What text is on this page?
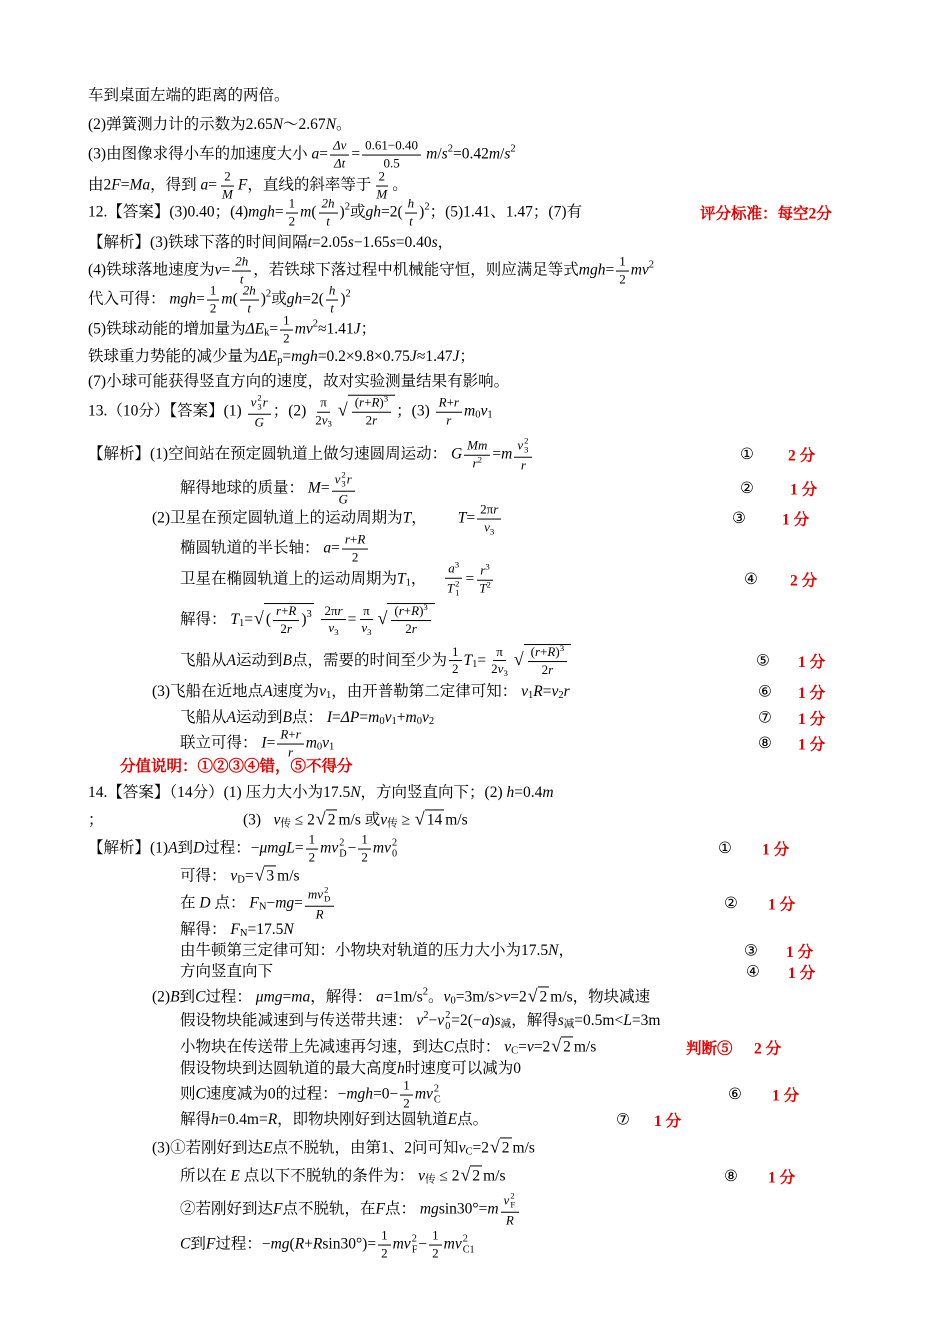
车到桌面左端的距离的两倍。
(2)弹簧测力计的示数为2.65 N ～2.67 N 。
(3)由图像求得小车的加速度大小 $a = \frac{\Delta v}{\Delta t} = \frac{0.61-0.40}{0.5}$ m / s 2 =0.42 m / s 2
由2 F = Ma ，得到 $a = \frac{2}{M}$ F ，直线的斜率等于 $\frac{2}{M}$ 。
12.【答案】(3)0.40；(4) mgh = $\frac{1}{2}$ m ( $\frac{2h}{t}$ ) 2 或 gh $=2( \frac{h}{t}$ ) 2 ；(5)1.41、1.47；(7)有	评分标准：每空2分
【解析】(3)铁球下落的时间间隔 t =2.05 s −1.65 s =0.40 s ，
(4)铁球落地速度为 $v = \frac{2h}{t}$ ，若铁球下落过程中机械能守恒，则应满足等式 mgh = $\frac{1}{2}$ mv 2
代入可得： mgh = $\frac{1}{2}$ m ( $\frac{2h}{t}$ ) 2 或 gh $=2( \frac{h}{t}$ ) 2
(5)铁球动能的增加量为 ΔE $k = \frac{1}{2}$ mv 2 ≈1.41 J ；
铁球重力势能的减少量为 ΔE p = mgh =0.2×9.8×0.75 J ≈1.47 J ；
(7)小球可能获得竖直方向的速度，故对实验测量结果有影响。
13.（10分）【答案】(1) v 2
3 r
G ；$(2) \frac{\pi}{2 v 3}$ √ $\frac{( r + R ) 3}{2 r}$ ；$(3) \frac{R + r}{r}$ m 0 v 1
【解析】(1)空间站在预定圆轨道上做匀速圆周运动： G $\frac{Mm}{r 2} = m$ v 2
3
r	① 2 分
解得地球的质量： M = v 2
3 r
G	② 1 分
(2)卫星在预定圆轨道上的运动周期为 T ， $T = \frac{\text{2π r}}{v 3}$	③ 1 分
椭圆轨道的半长轴： $a = \frac{r + R}{2}$
卫星在椭圆轨道上的运动周期为 T 1 ， a 3
T 2
$1 = \frac{r 3}{T 2}$	④ 2 分
解得： T 1 = √ ( $\frac{r + R}{2 r}$ ) $3 \frac{\text{2π r}}{v 3} = \frac{\pi}{v 3}$ √ $\frac{( r + R ) 3}{2 r}$
飞船从 A 运动到 B 点，需要的时间至少为 $\frac{1}{2}$ T $1 = \frac{\pi}{2 v 3}$ √ $\frac{( r + R ) 3}{2 r}$	⑤ 1 分
(3)飞船在近地点 A 速度为 v 1 ，由开普勒第二定律可知： v 1 R = v 2 r	⑥ 1 分
飞船从 A 运动到 B 点： I = ΔP = m 0 v 1 + m 0 v 2	⑦ 1 分
联立可得： $I = \frac{R + r}{r}$ m 0 v 1	⑧ 1 分
分值说明：①②③④错，⑤不得分
14.【答案】（14分）(1) 压力大小为17.5 N ，方向竖直向下；(2) h =0.4 m
；	(3) v 传 ≤ 2 √ 2 m/s 或 v 传 ≥ √ 14 m/s
【解析】(1) A 到 D 过程：− $\mu mgL = \frac{1}{2}$ mv 2
$D - \frac{1}{2}$ mv 2
0	① 1 分
可得： v D = √ 3 m/s
在 D 点： F N − mg = mv 2
D
R	② 1 分
解得： F N =17.5 N
由牛顿第三定律可知：小物块对轨道的压力大小为17.5 N ，	③ 1 分
方向竖直向下	④ 1 分
(2) B 到 C 过程： μmg = ma ，解得： a =1m/s 2 。 v 0 =3m/s> v =2 √ 2 m/s，物块减速
假设物块能减速到与传送带共速： v 2 − v 2
0 =2(− a ) s 减 ，解得 s 减 =0.5m< L =3m
小物块在传送带上先减速再匀速，到达 C 点时： v C = v =2 √ 2 m/s	判断⑤ 2 分
假设物块到达圆轨道的最大高度 h 时速度可以减为0
则 C 速度减为0的过程：− mgh $=0- \frac{1}{2}$ mv 2
C	⑥ 1 分
解得 h =0.4m= R ，即物块刚好到达圆轨道 E 点。	⑦ 1 分
(3)①若刚好到达 E 点不脱轨，由第1、2问可知 v C =2 √ 2 m/s
所以在 E 点以下不脱轨的条件为： v 传 ≤ 2 √ 2 m/s	⑧ 1 分
②若刚好到达 F 点不脱轨，在 F 点： mg sin30°= m v 2
F
R
C 到 F 过程：− mg ( R + R $\sin 30^\circ)= \frac{1}{2}$ mv 2
$F - \frac{1}{2}$ mv 2
C1
